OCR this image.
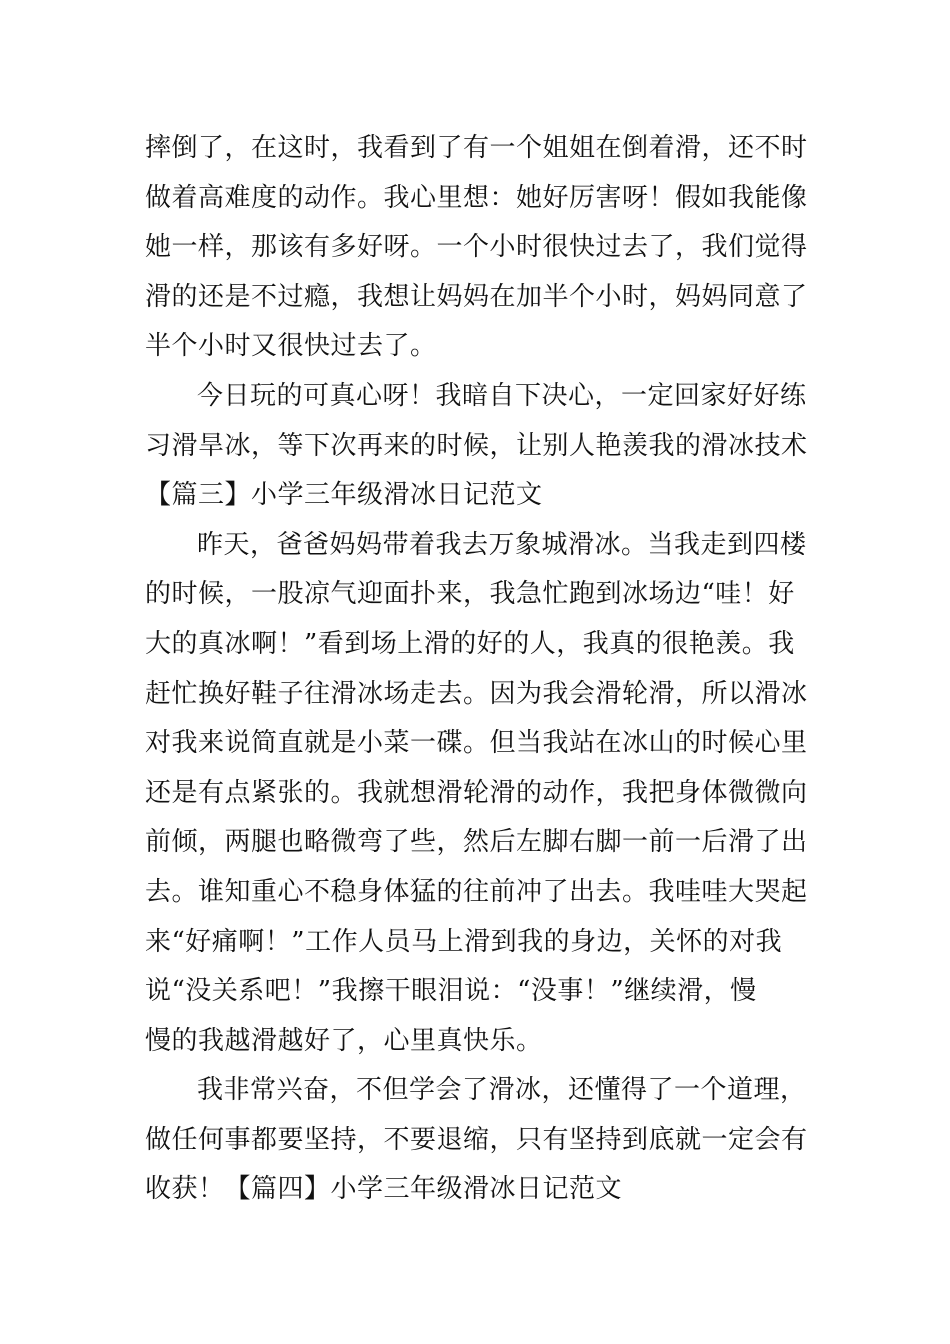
摔倒了，在这时，我看到了有一个姐姐在倒着滑，还不时
做着高难度的动作。我心里想：她好厉害呀！假如我能像
她一样，那该有多好呀。一个小时很快过去了，我们觉得
滑的还是不过瘾，我想让妈妈在加半个小时，妈妈同意了
半个小时又很快过去了。
今日玩的可真心呀！我暗自下决心，一定回家好好练
习滑旱冰，等下次再来的时候，让别人艳羡我的滑冰技术
【篇三】小学三年级滑冰日记范文
昨天，爸爸妈妈带着我去万象城滑冰。当我走到四楼
的时候，一股凉气迎面扑来，我急忙跑到冰场边“哇！好
大的真冰啊！”看到场上滑的好的人，我真的很艳羡。我
赶忙换好鞋子往滑冰场走去。因为我会滑轮滑，所以滑冰
对我来说简直就是小菜一碟。但当我站在冰山的时候心里
还是有点紧张的。我就想滑轮滑的动作，我把身体微微向
前倾，两腿也略微弯了些，然后左脚右脚一前一后滑了出
去。谁知重心不稳身体猛的往前冲了出去。我哇哇大哭起
来“好痛啊！”工作人员马上滑到我的身边，关怀的对我
说“没关系吧！”我擦干眼泪说：“没事！”继续滑，慢
慢的我越滑越好了，心里真快乐。
我非常兴奋，不但学会了滑冰，还懂得了一个道理，
做任何事都要坚持，不要退缩，只有坚持到底就一定会有
收获！【篇四】小学三年级滑冰日记范文
